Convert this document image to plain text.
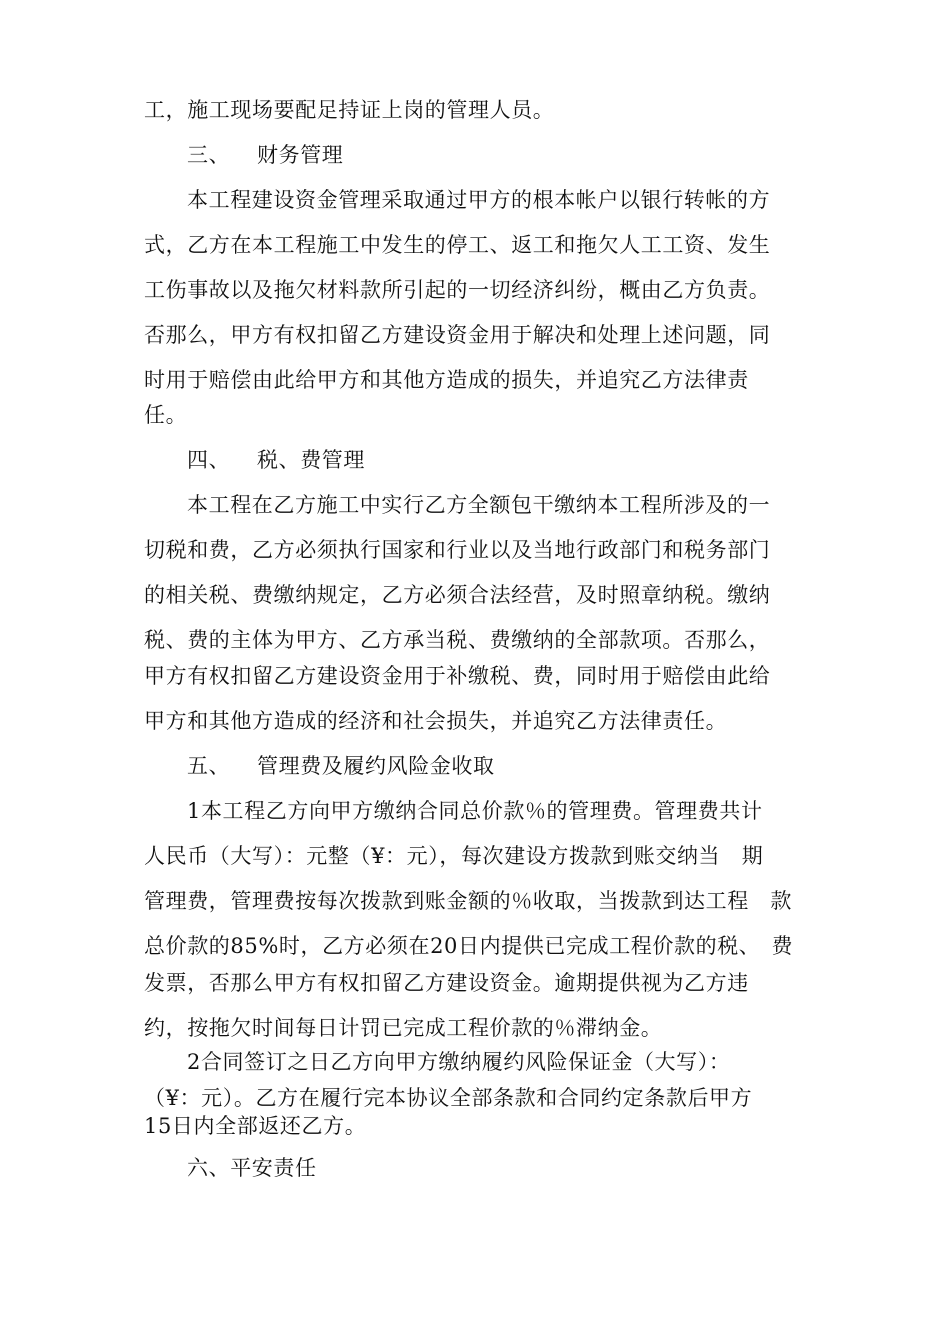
工，施工现场要配足持证上岗的管理人员。
三、 财务管理
本工程建设资金管理采取通过甲方的根本帐户以银行转帐的方
式，乙方在本工程施工中发生的停工、返工和拖欠人工工资、发生
工伤事故以及拖欠材料款所引起的一切经济纠纷，概由乙方负责。
否那么，甲方有权扣留乙方建设资金用于解决和处理上述问题，同
时用于赔偿由此给甲方和其他方造成的损失，并追究乙方法律责
任。
四、 税、费管理
本工程在乙方施工中实行乙方全额包干缴纳本工程所涉及的一
切税和费，乙方必须执行国家和行业以及当地行政部门和税务部门
的相关税、费缴纳规定，乙方必须合法经营，及时照章纳税。缴纳
税、费的主体为甲方、乙方承当税、费缴纳的全部款项。否那么，
甲方有权扣留乙方建设资金用于补缴税、费，同时用于赔偿由此给
甲方和其他方造成的经济和社会损失，并追究乙方法律责任。
五、 管理费及履约风险金收取
1本工程乙方向甲方缴纳合同总价款％的管理费。管理费共计
人民币（大写）：元整（¥：元），每次建设方拨款到账交纳当　期
管理费，管理费按每次拨款到账金额的％收取，当拨款到达工程　款
总价款的85%时，乙方必须在20日内提供已完成工程价款的税、　费
发票，否那么甲方有权扣留乙方建设资金。逾期提供视为乙方违
约，按拖欠时间每日计罚已完成工程价款的％滞纳金。
2合同签订之日乙方向甲方缴纳履约风险保证金（大写）：
（¥：元）。乙方在履行完本协议全部条款和合同约定条款后甲方
15日内全部返还乙方。
六、平安责任
